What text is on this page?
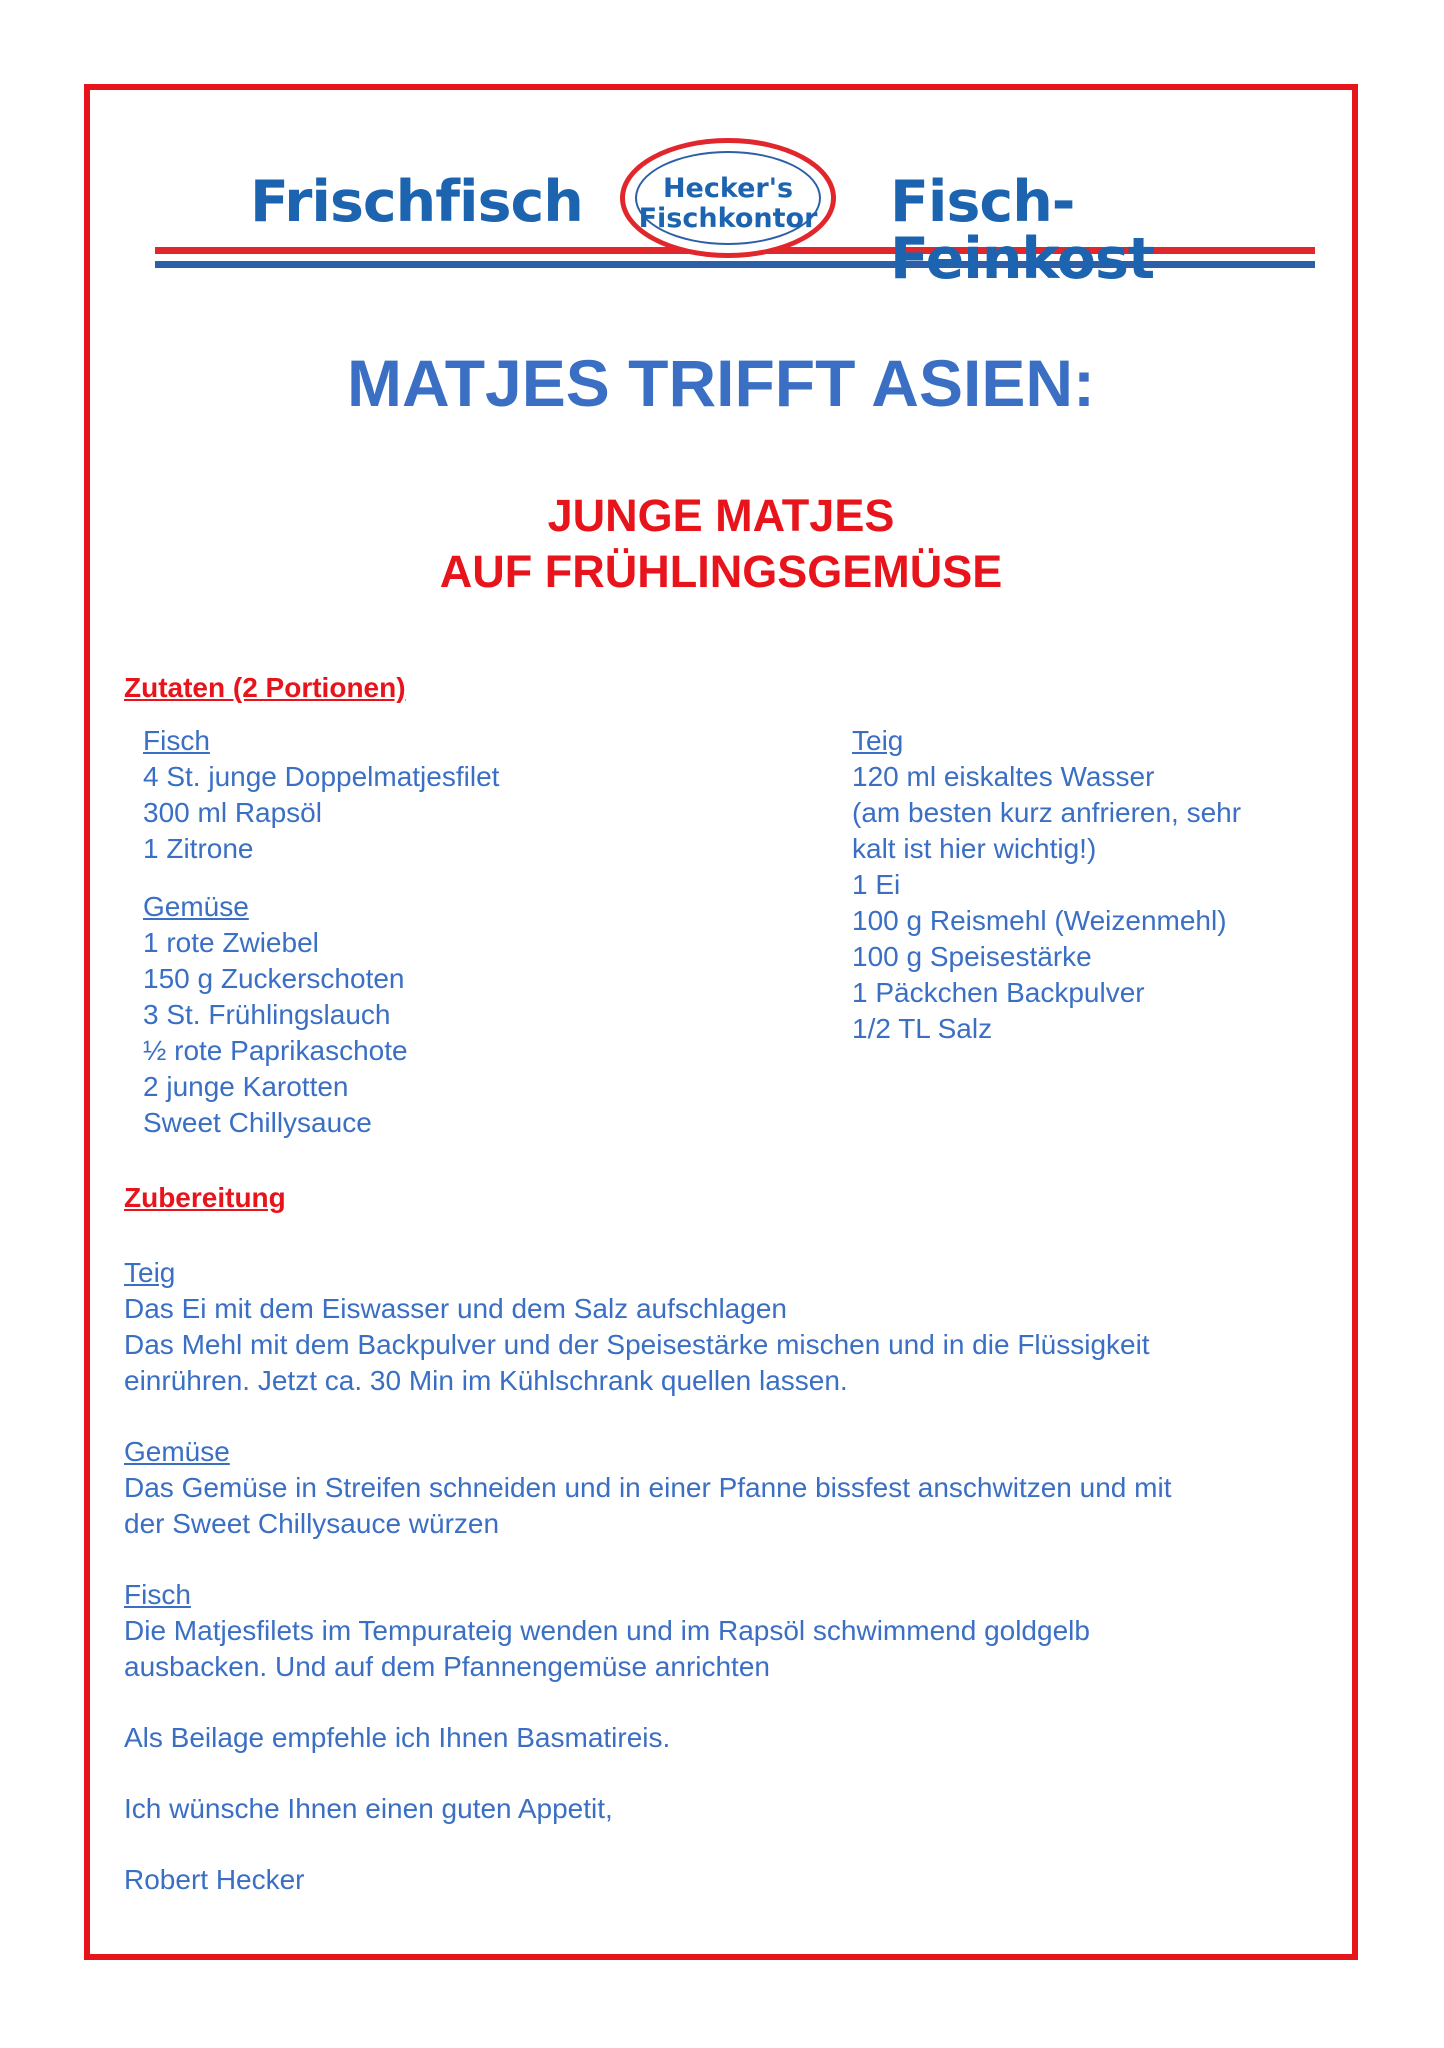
Frischfisch	Fisch-Feinkost
Hecker's
Fischkontor
MATJES TRIFFT ASIEN:
JUNGE MATJES
AUF FRÜHLINGSGEMÜSE
Zutaten (2 Portionen)
Fisch
4 St. junge Doppelmatjesfilet
300 ml Rapsöl
1 Zitrone
Gemüse
1 rote Zwiebel
150 g Zuckerschoten
3 St. Frühlingslauch
½ rote Paprikaschote
2 junge Karotten
Sweet Chillysauce
Teig
120 ml eiskaltes Wasser
(am besten kurz anfrieren, sehr
kalt ist hier wichtig!)
1 Ei
100 g Reismehl (Weizenmehl)
100 g Speisestärke
1 Päckchen Backpulver
1/2 TL Salz
Zubereitung
Teig
Das Ei mit dem Eiswasser und dem Salz aufschlagen
Das Mehl mit dem Backpulver und der Speisestärke mischen und in die Flüssigkeit
einrühren. Jetzt ca. 30 Min im Kühlschrank quellen lassen.
Gemüse
Das Gemüse in Streifen schneiden und in einer Pfanne bissfest anschwitzen und mit
der Sweet Chillysauce würzen
Fisch
Die Matjesfilets im Tempurateig wenden und im Rapsöl schwimmend goldgelb
ausbacken. Und auf dem Pfannengemüse anrichten
Als Beilage empfehle ich Ihnen Basmatireis.
Ich wünsche Ihnen einen guten Appetit,
Robert Hecker
